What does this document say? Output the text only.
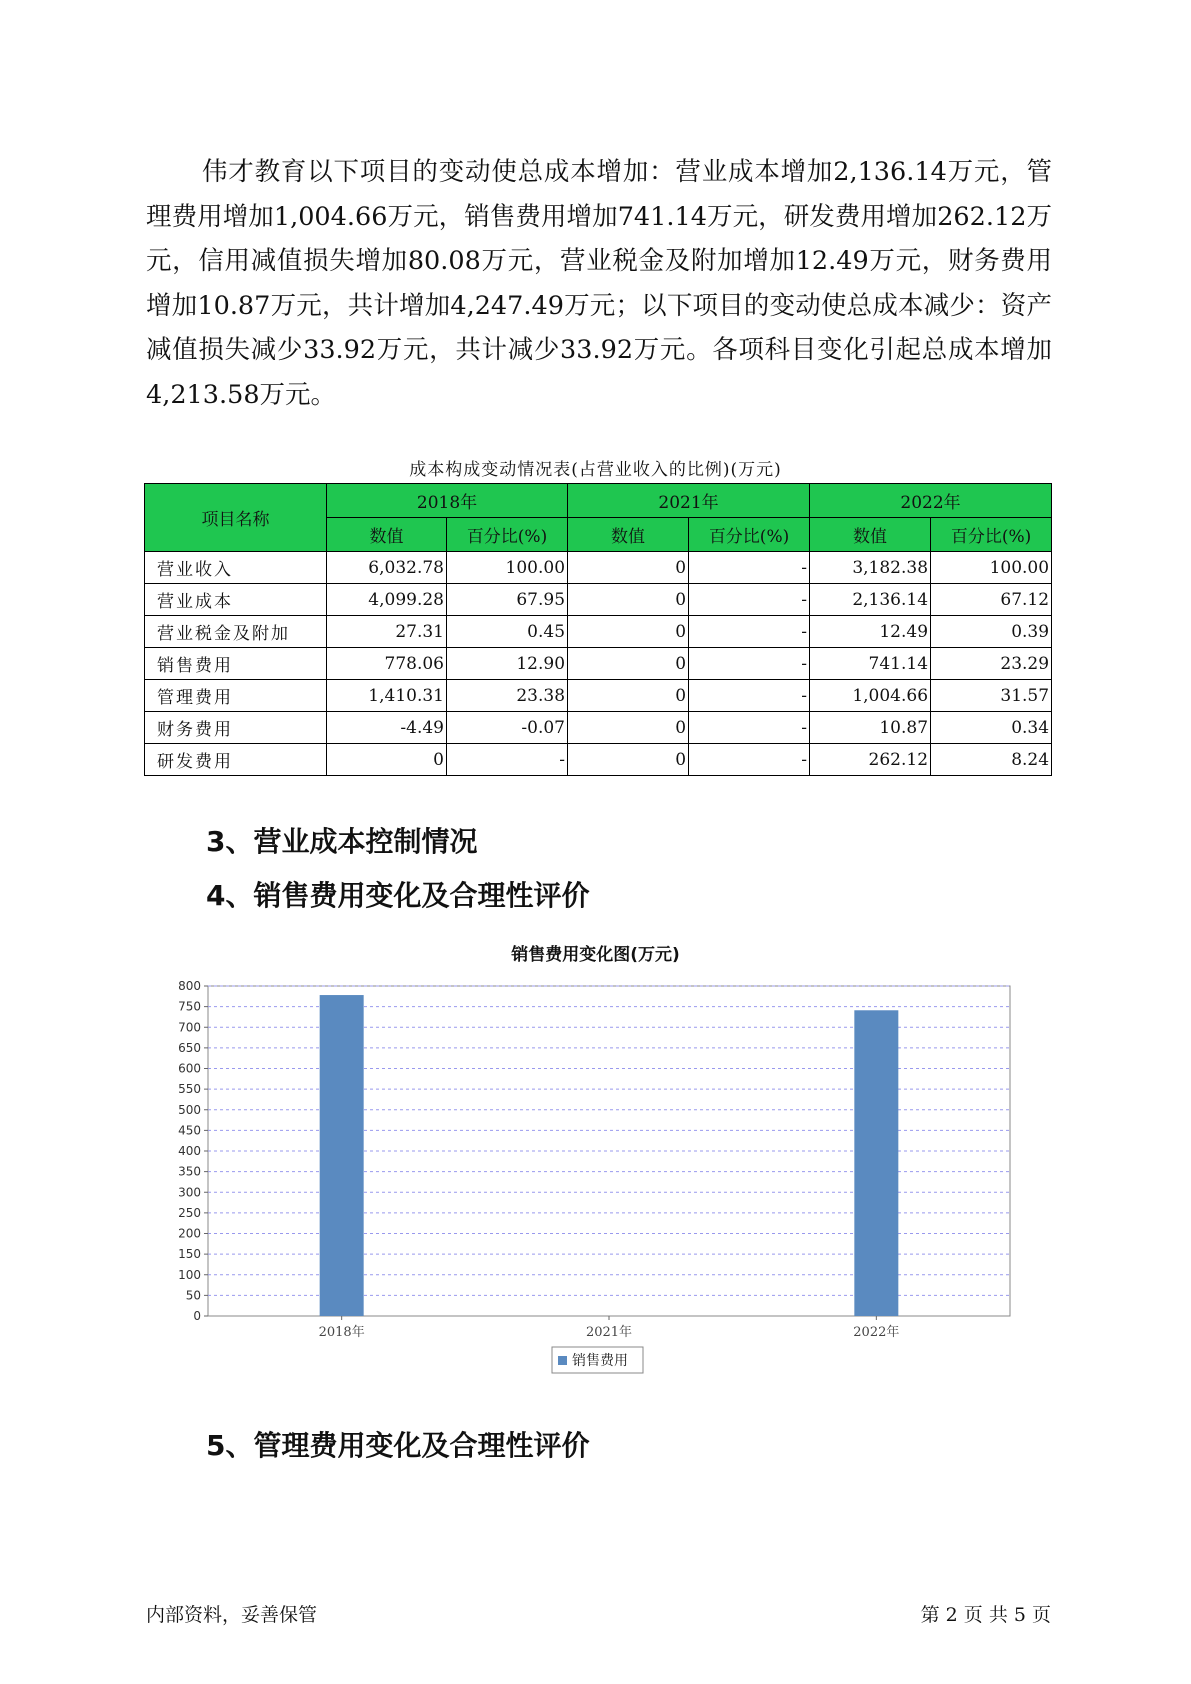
伟才教育以下项目的变动使总成本增加：营业成本增加2,136.14万元，管理费用增加1,004.66万元，销售费用增加741.14万元，研发费用增加262.12万元，信用减值损失增加80.08万元，营业税金及附加增加12.49万元，财务费用增加10.87万元，共计增加4,247.49万元；以下项目的变动使总成本减少：资产减值损失减少33.92万元，共计减少33.92万元。各项科目变化引起总成本增加4,213.58万元。

成本构成变动情况表(占营业收入的比例)(万元)
项目名称	2018年		2021年		2022年	
	数值	百分比(%)	数值	百分比(%)	数值	百分比(%)
营业收入	6,032.78	100.00	0	-	3,182.38	100.00
营业成本	4,099.28	67.95	0	-	2,136.14	67.12
营业税金及附加	27.31	0.45	0	-	12.49	0.39
销售费用	778.06	12.90	0	-	741.14	23.29
管理费用	1,410.31	23.38	0	-	1,004.66	31.57
财务费用	-4.49	-0.07	0	-	10.87	0.34
研发费用	0	-	0	-	262.12	8.24
3、营业成本控制情况
4、销售费用变化及合理性评价
销售费用变化图(万元)
0
50
100
150
200
250
300
350
400
450
500
550
600
650
700
750
800
2018年	2021年	2022年
销售费用
5、管理费用变化及合理性评价
内部资料，妥善保管	第 2 页 共 5 页
